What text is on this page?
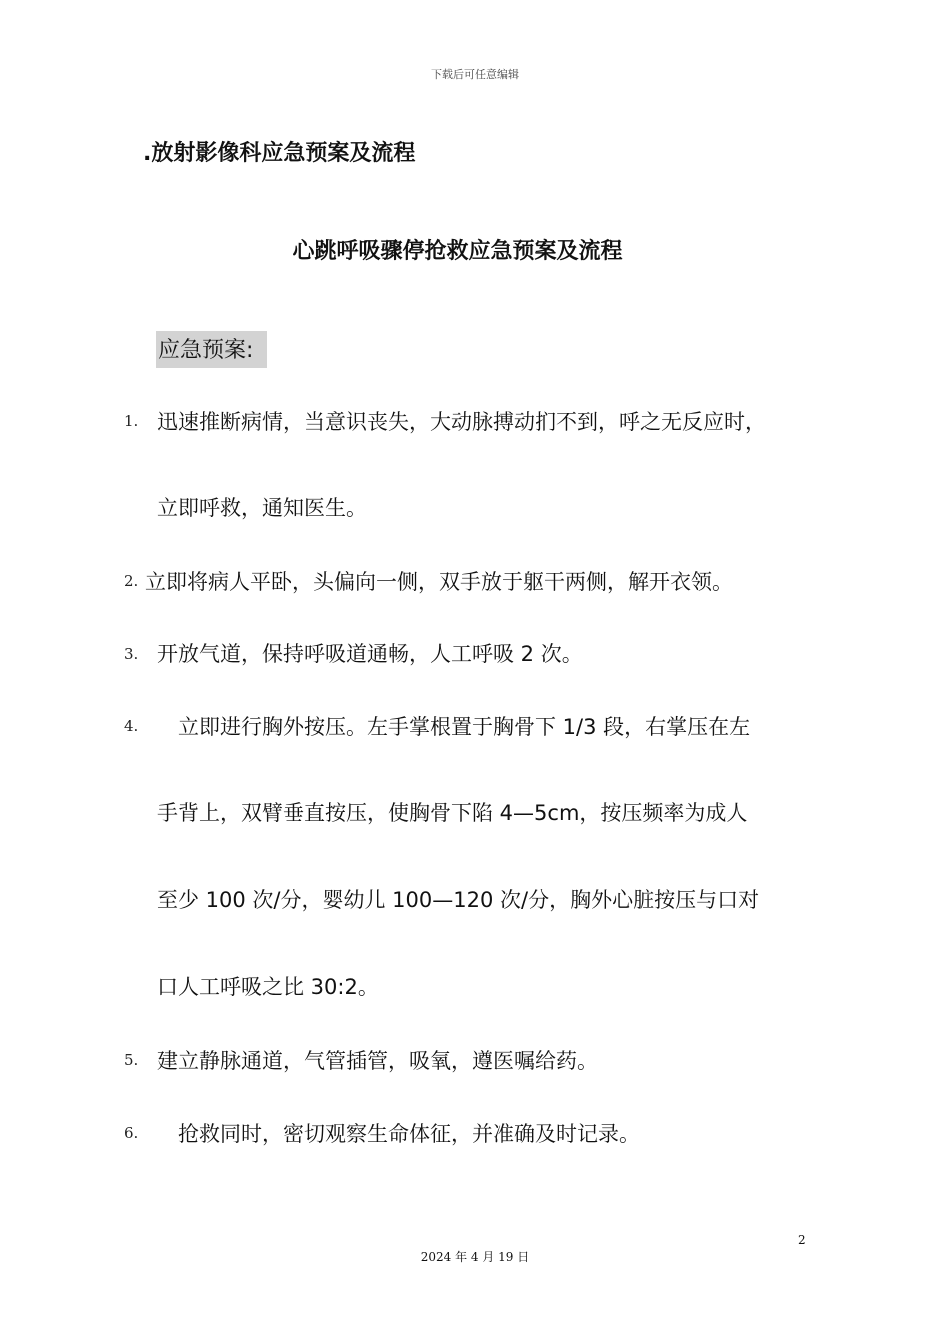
下载后可任意编辑
.放射影像科应急预案及流程
心跳呼吸骤停抢救应急预案及流程
应急预案:
1. 迅速推断病情，当意识丧失，大动脉搏动扪不到，呼之无反应时，
立即呼救，通知医生。
2. 立即将病人平卧，头偏向一侧，双手放于躯干两侧，解开衣领。
3. 开放气道，保持呼吸道通畅，人工呼吸 2 次。
4. 立即进行胸外按压。左手掌根置于胸骨下 1/3 段，右掌压在左
手背上，双臂垂直按压，使胸骨下陷 4—5cm，按压频率为成人
至少 100 次/分，婴幼儿 100—120 次/分，胸外心脏按压与口对
口人工呼吸之比 30:2。
5. 建立静脉通道，气管插管，吸氧，遵医嘱给药。
6. 抢救同时，密切观察生命体征，并准确及时记录。
2
2024 年 4 月 19 日
